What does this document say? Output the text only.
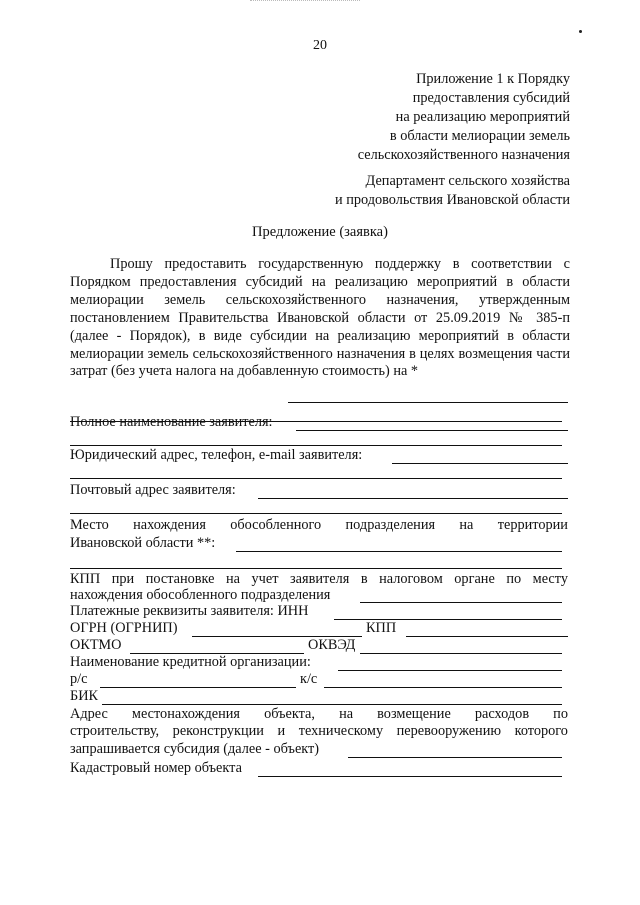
20
Приложение 1 к Порядку
предоставления субсидий
на реализацию мероприятий
в области мелиорации земель
сельскохозяйственного назначения
Департамент сельского хозяйства
и продовольствия Ивановской области
Предложение (заявка)
Прошу предоставить государственную поддержку в соответствии с Порядком предоставления субсидий на реализацию мероприятий в области мелиорации земель сельскохозяйственного назначения, утвержденным постановлением Правительства Ивановской области от 25.09.2019 № 385-п (далее - Порядок), в виде субсидии на реализацию мероприятий в области мелиорации земель сельскохозяйственного назначения в целях возмещения части затрат (без учета налога на добавленную стоимость) на *
Полное наименование заявителя:
Юридический адрес, телефон, e-mail заявителя:
Почтовый адрес заявителя:
Место нахождения обособленного подразделения на территории
Ивановской области **:
КПП при постановке на учет заявителя в налоговом органе по месту
нахождения обособленного подразделения
Платежные реквизиты заявителя: ИНН
ОГРН (ОГРНИП)	КПП
ОКТМО	ОКВЭД
Наименование кредитной организации:
р/с	к/с
БИК
Адрес местонахождения объекта, на возмещение расходов по
строительству, реконструкции и техническому перевооружению которого
запрашивается субсидия (далее - объект)
Кадастровый номер объекта
